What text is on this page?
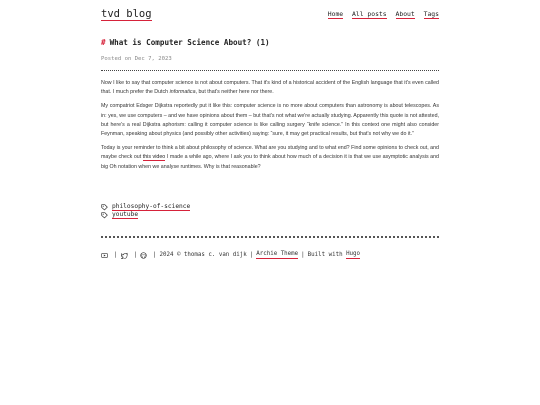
tvd blog	Home All posts About Tags
# What is Computer Science About? (1)
Posted on Dec 7, 2023

Now I like to say that computer science is not about computers. That it's kind of a historical accident of the English language that it's even called that. I much prefer the Dutch informatica, but that's neither here nor there.

My compatriot Edsger Dijkstra reportedly put it like this: computer science is no more about computers than astronomy is about telescopes. As in: yes, we use computers – and we have opinions about them – but that's not what we're actually studying. Apparently this quote is not attested, but here's a real Dijkstra aphorism: calling it computer science is like calling surgery “knife science.” In this context one might also consider Feynman, speaking about physics (and possibly other activities) saying: “sure, it may get practical results, but that's not why we do it.”

Today is your reminder to think a bit about philosophy of science. What are you studying and to what end? Find some opinions to check out, and maybe check out this video I made a while ago, where I ask you to think about how much of a decision it is that we use asymptotic analysis and big Oh notation when we analyse runtimes. Why is that reasonable?

philosophy-of-science
youtube
|	|	| 2024 © thomas c. van dijk | Archie Theme | Built with
Hugo
